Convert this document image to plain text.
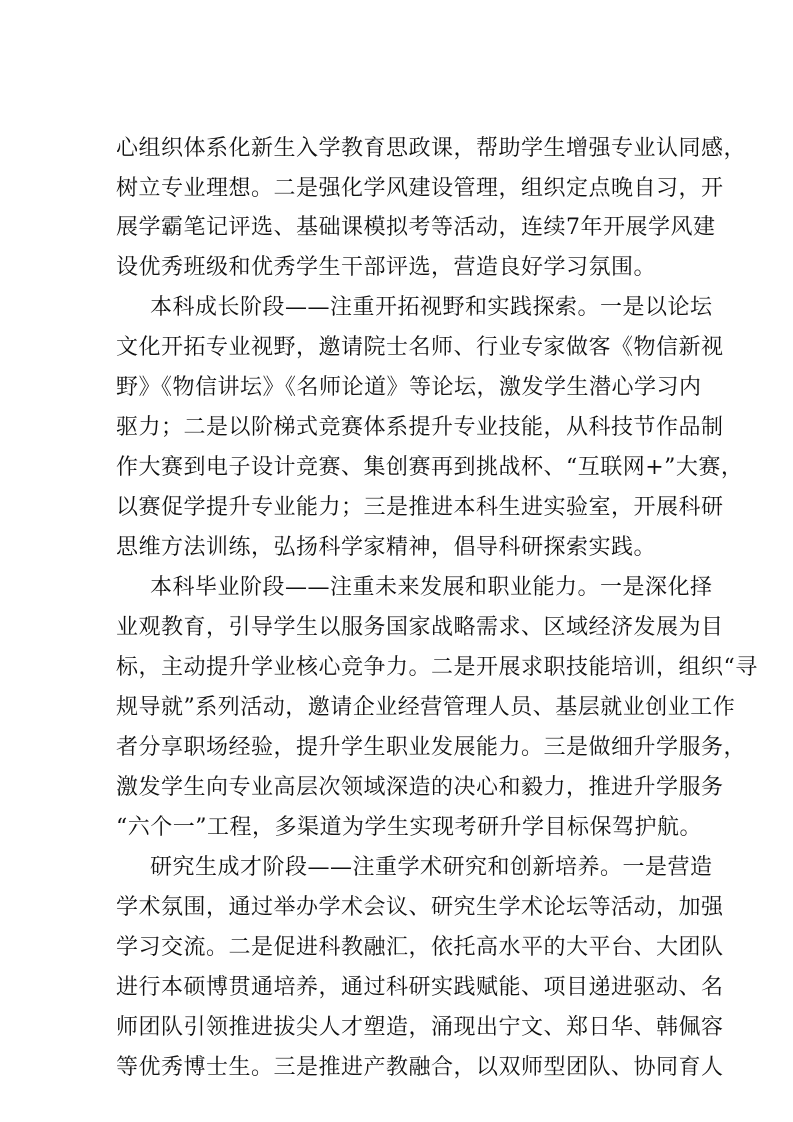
心组织体系化新生入学教育思政课，帮助学生增强专业认同感，
树立专业理想。二是强化学风建设管理，组织定点晚自习，开
展学霸笔记评选、基础课模拟考等活动，连续7年开展学风建
设优秀班级和优秀学生干部评选，营造良好学习氛围。
本科成长阶段——注重开拓视野和实践探索。一是以论坛
文化开拓专业视野，邀请院士名师、行业专家做客《物信新视
野》《物信讲坛》《名师论道》等论坛，激发学生潜心学习内
驱力；二是以阶梯式竞赛体系提升专业技能，从科技节作品制
作大赛到电子设计竞赛、集创赛再到挑战杯、“互联网+”大赛，
以赛促学提升专业能力；三是推进本科生进实验室，开展科研
思维方法训练，弘扬科学家精神，倡导科研探索实践。
本科毕业阶段——注重未来发展和职业能力。一是深化择
业观教育，引导学生以服务国家战略需求、区域经济发展为目
标，主动提升学业核心竞争力。二是开展求职技能培训，组织“寻
规导就”系列活动，邀请企业经营管理人员、基层就业创业工作
者分享职场经验，提升学生职业发展能力。三是做细升学服务，
激发学生向专业高层次领域深造的决心和毅力，推进升学服务
“六个一”工程，多渠道为学生实现考研升学目标保驾护航。
研究生成才阶段——注重学术研究和创新培养。一是营造
学术氛围，通过举办学术会议、研究生学术论坛等活动，加强
学习交流。二是促进科教融汇，依托高水平的大平台、大团队
进行本硕博贯通培养，通过科研实践赋能、项目递进驱动、名
师团队引领推进拔尖人才塑造，涌现出宁文、郑日华、韩佩容
等优秀博士生。三是推进产教融合，以双师型团队、协同育人
